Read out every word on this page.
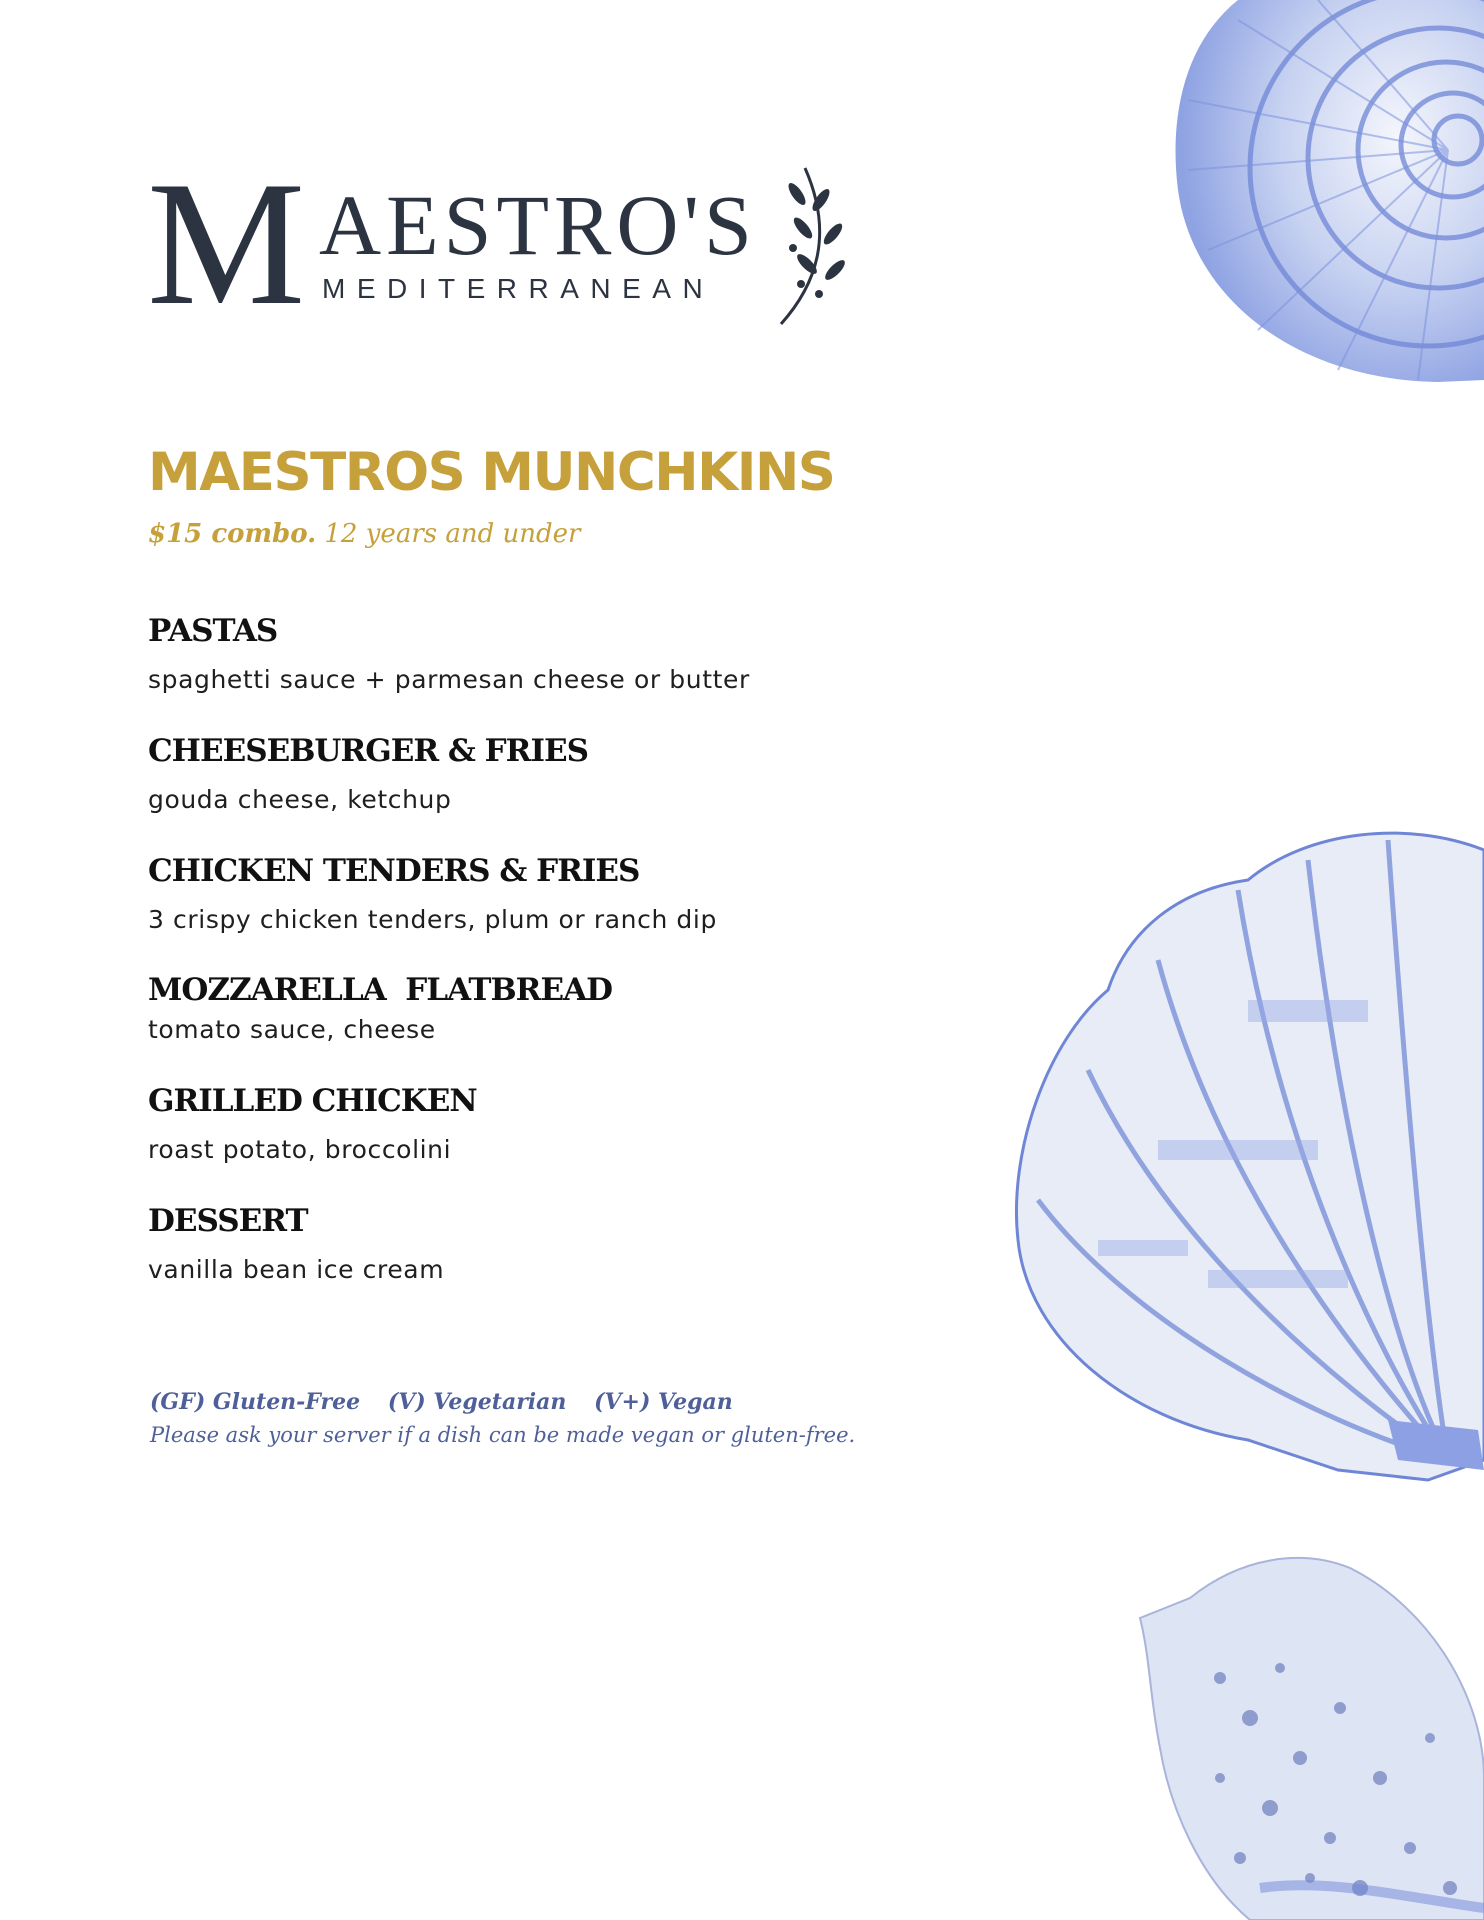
M AESTRO'S
MEDITERRANEAN
MAESTROS MUNCHKINS
$15 combo. 12 years and under
PASTAS
spaghetti sauce + parmesan cheese or butter
CHEESEBURGER & FRIES
gouda cheese, ketchup
CHICKEN TENDERS & FRIES
3 crispy chicken tenders, plum or ranch dip
MOZZARELLA  FLATBREAD
tomato sauce, cheese
GRILLED CHICKEN
roast potato, broccolini
DESSERT
vanilla bean ice cream
(GF) Gluten-Free (V) Vegetarian (V+) Vegan
Please ask your server if a dish can be made vegan or gluten-free.
